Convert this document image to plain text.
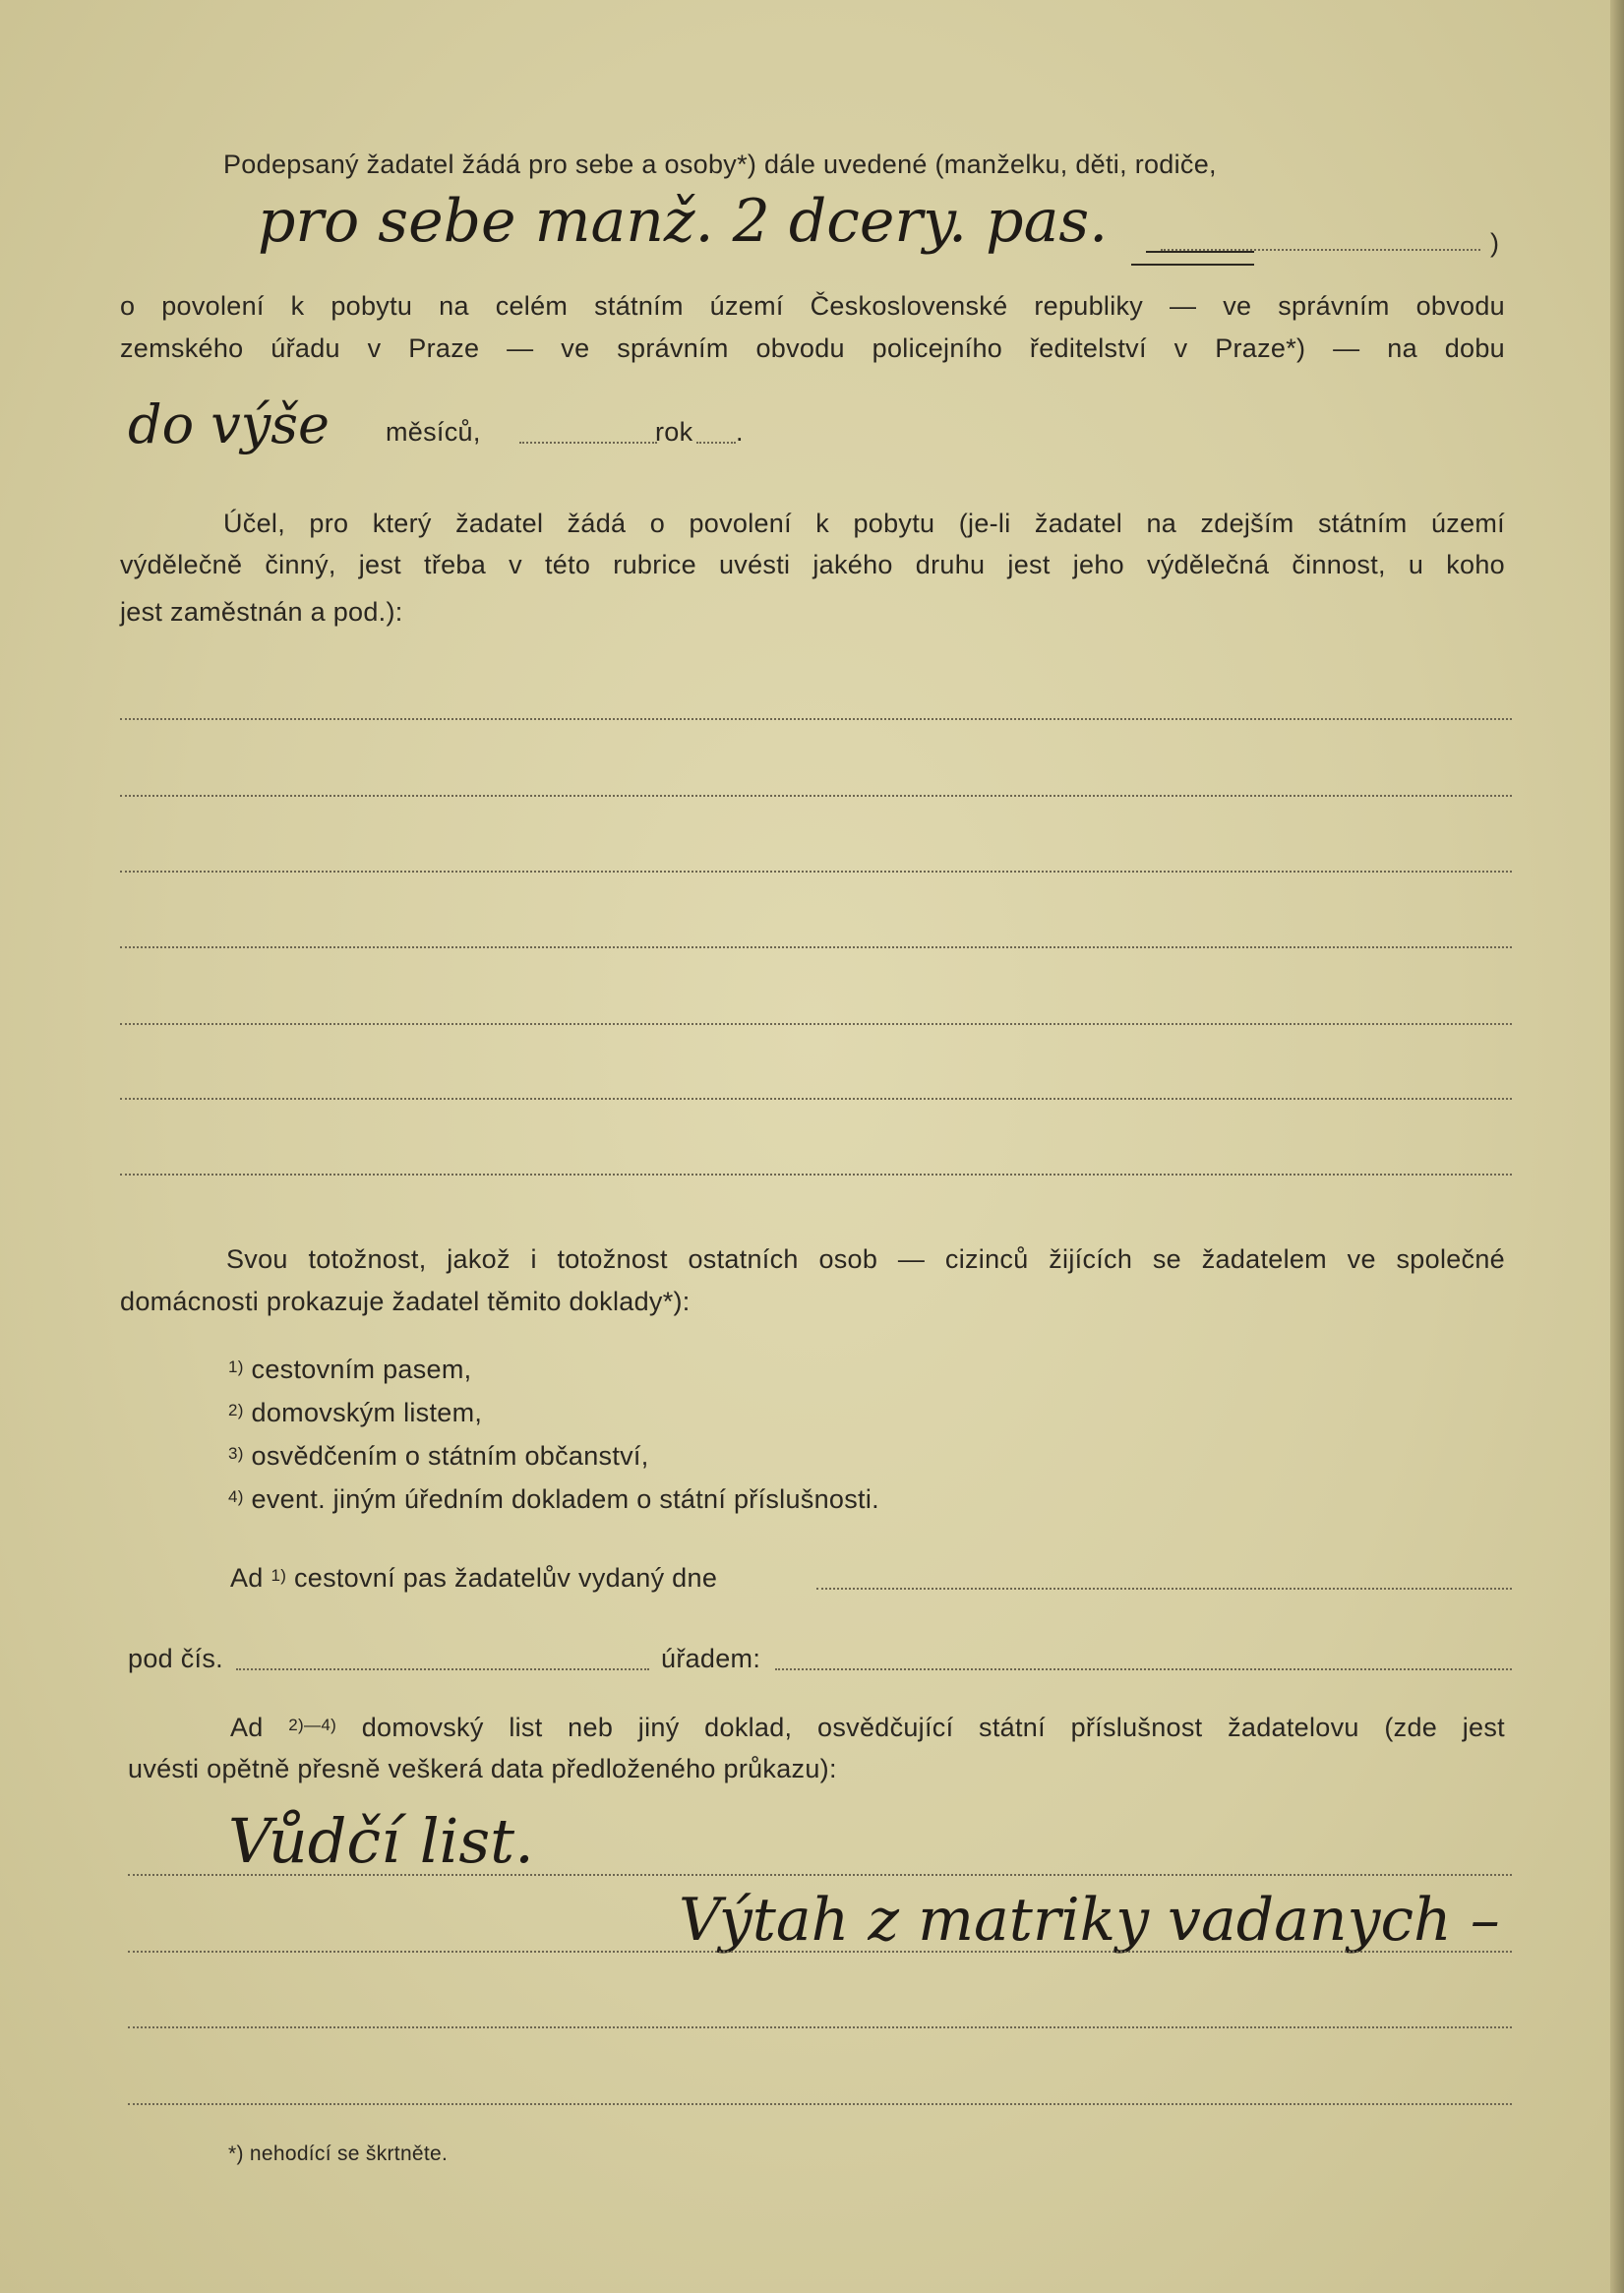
Podepsaný žadatel žádá pro sebe a osoby*) dále uvedené (manželku, děti, rodiče,
pro sebe manž. 2 dcery. pas.	)
o povolení k pobytu na celém státním území Československé republiky — ve správním obvodu
zemského úřadu v Praze — ve správním obvodu policejního ředitelství v Praze*) — na dobu
do výše měsíců,	rok .
Účel, pro který žadatel žádá o povolení k pobytu (je-li žadatel na zdejším státním území
výdělečně činný, jest třeba v této rubrice uvésti jakého druhu jest jeho výdělečná činnost, u koho
jest zaměstnán a pod.):
Svou totožnost, jakož i totožnost ostatních osob — cizinců žijících se žadatelem ve společné
domácnosti prokazuje žadatel těmito doklady*):
$^{1)}$ cestovním pasem,
$^{2)}$ domovským listem,
$^{3)}$ osvědčením o státním občanství,
$^{4)}$ event. jiným úředním dokladem o státní příslušnosti.
Ad $^{1)}$ cestovní pas žadatelův vydaný dne
pod čís.	úřadem:
Ad $^{2)—4)}$ domovský list neb jiný doklad, osvědčující státní příslušnost žadatelovu (zde jest
uvésti opětně přesně veškerá data předloženého průkazu):
Vůdčí list.
Výtah z matriky vadanych –
*) nehodící se škrtněte.
